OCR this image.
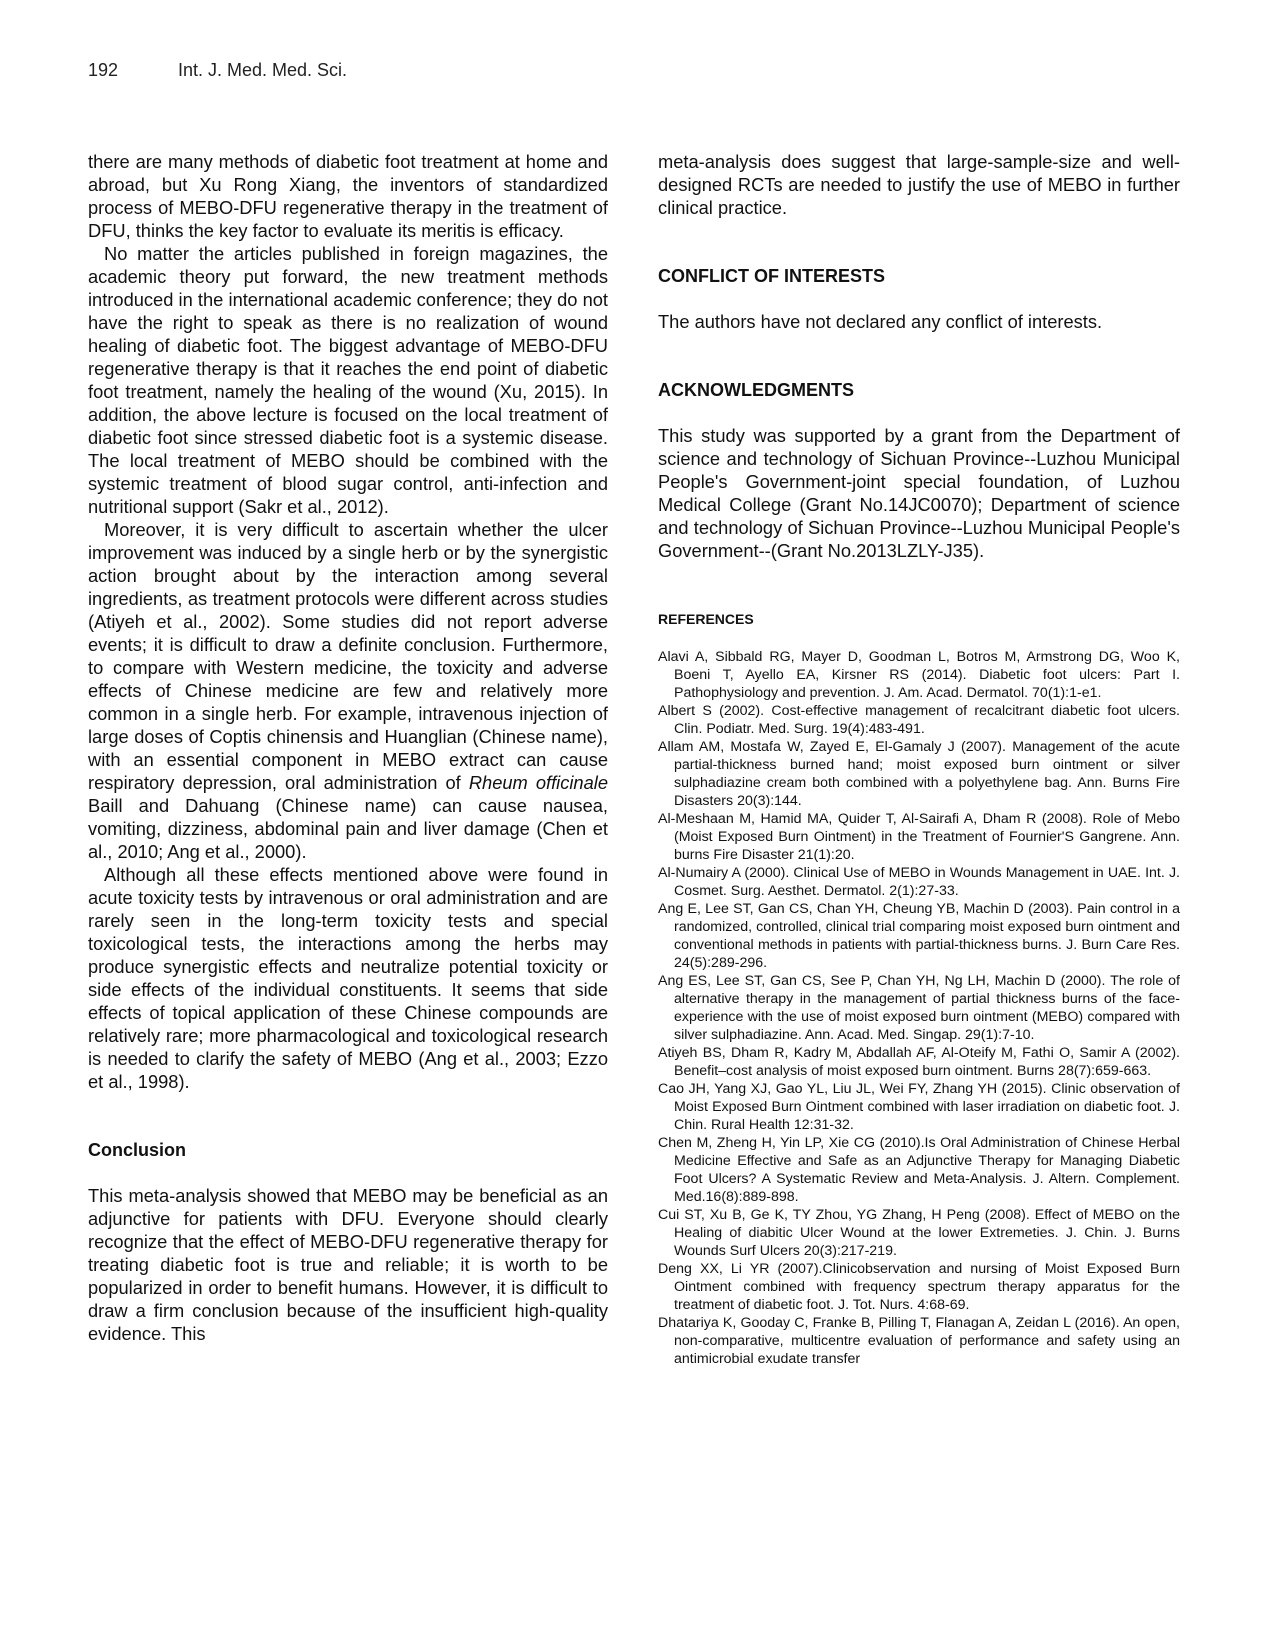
192	Int. J. Med. Med. Sci.

there are many methods of diabetic foot treatment at home and abroad, but Xu Rong Xiang, the inventors of standardized process of MEBO-DFU regenerative therapy in the treatment of DFU, thinks the key factor to evaluate its meritis is efficacy.

No matter the articles published in foreign magazines, the academic theory put forward, the new treatment methods introduced in the international academic conference; they do not have the right to speak as there is no realization of wound healing of diabetic foot. The biggest advantage of MEBO-DFU regenerative therapy is that it reaches the end point of diabetic foot treatment, namely the healing of the wound (Xu, 2015). In addition, the above lecture is focused on the local treatment of diabetic foot since stressed diabetic foot is a systemic disease. The local treatment of MEBO should be combined with the systemic treatment of blood sugar control, anti-infection and nutritional support (Sakr et al., 2012).

Moreover, it is very difficult to ascertain whether the ulcer improvement was induced by a single herb or by the synergistic action brought about by the interaction among several ingredients, as treatment protocols were different across studies (Atiyeh et al., 2002). Some studies did not report adverse events; it is difficult to draw a definite conclusion. Furthermore, to compare with Western medicine, the toxicity and adverse effects of Chinese medicine are few and relatively more common in a single herb. For example, intravenous injection of large doses of Coptis chinensis and Huanglian (Chinese name), with an essential component in MEBO extract can cause respiratory depression, oral administration of Rheum officinale Baill and Dahuang (Chinese name) can cause nausea, vomiting, dizziness, abdominal pain and liver damage (Chen et al., 2010; Ang et al., 2000).

Although all these effects mentioned above were found in acute toxicity tests by intravenous or oral administration and are rarely seen in the long-term toxicity tests and special toxicological tests, the interactions among the herbs may produce synergistic effects and neutralize potential toxicity or side effects of the individual constituents. It seems that side effects of topical application of these Chinese compounds are relatively rare; more pharmacological and toxicological research is needed to clarify the safety of MEBO (Ang et al., 2003; Ezzo et al., 1998).

Conclusion

This meta-analysis showed that MEBO may be beneficial as an adjunctive for patients with DFU. Everyone should clearly recognize that the effect of MEBO-DFU regenerative therapy for treating diabetic foot is true and reliable; it is worth to be popularized in order to benefit humans. However, it is difficult to draw a firm conclusion because of the insufficient high-quality evidence. This

meta-analysis does suggest that large-sample-size and well-designed RCTs are needed to justify the use of MEBO in further clinical practice.

CONFLICT OF INTERESTS

The authors have not declared any conflict of interests.

ACKNOWLEDGMENTS

This study was supported by a grant from the Department of science and technology of Sichuan Province--Luzhou Municipal People's Government-joint special foundation, of Luzhou Medical College (Grant No.14JC0070); Department of science and technology of Sichuan Province--Luzhou Municipal People's Government--(Grant No.2013LZLY-J35).

REFERENCES

Alavi A, Sibbald RG, Mayer D, Goodman L, Botros M, Armstrong DG, Woo K, Boeni T, Ayello EA, Kirsner RS (2014). Diabetic foot ulcers: Part I. Pathophysiology and prevention. J. Am. Acad. Dermatol. 70(1):1-e1.

Albert S (2002). Cost-effective management of recalcitrant diabetic foot ulcers. Clin. Podiatr. Med. Surg. 19(4):483-491.

Allam AM, Mostafa W, Zayed E, El-Gamaly J (2007). Management of the acute partial-thickness burned hand; moist exposed burn ointment or silver sulphadiazine cream both combined with a polyethylene bag. Ann. Burns Fire Disasters 20(3):144.

Al-Meshaan M, Hamid MA, Quider T, Al-Sairafi A, Dham R (2008). Role of Mebo (Moist Exposed Burn Ointment) in the Treatment of Fournier'S Gangrene. Ann. burns Fire Disaster 21(1):20.

Al-Numairy A (2000). Clinical Use of MEBO in Wounds Management in UAE. Int. J. Cosmet. Surg. Aesthet. Dermatol. 2(1):27-33.

Ang E, Lee ST, Gan CS, Chan YH, Cheung YB, Machin D (2003). Pain control in a randomized, controlled, clinical trial comparing moist exposed burn ointment and conventional methods in patients with partial-thickness burns. J. Burn Care Res. 24(5):289-296.

Ang ES, Lee ST, Gan CS, See P, Chan YH, Ng LH, Machin D (2000). The role of alternative therapy in the management of partial thickness burns of the face-experience with the use of moist exposed burn ointment (MEBO) compared with silver sulphadiazine. Ann. Acad. Med. Singap. 29(1):7-10.

Atiyeh BS, Dham R, Kadry M, Abdallah AF, Al-Oteify M, Fathi O, Samir A (2002). Benefit–cost analysis of moist exposed burn ointment. Burns 28(7):659-663.

Cao JH, Yang XJ, Gao YL, Liu JL, Wei FY, Zhang YH (2015). Clinic observation of Moist Exposed Burn Ointment combined with laser irradiation on diabetic foot. J. Chin. Rural Health 12:31-32.

Chen M, Zheng H, Yin LP, Xie CG (2010).Is Oral Administration of Chinese Herbal Medicine Effective and Safe as an Adjunctive Therapy for Managing Diabetic Foot Ulcers? A Systematic Review and Meta-Analysis. J. Altern. Complement. Med.16(8):889-898.

Cui ST, Xu B, Ge K, TY Zhou, YG Zhang, H Peng (2008). Effect of MEBO on the Healing of diabitic Ulcer Wound at the lower Extremeties. J. Chin. J. Burns Wounds Surf Ulcers 20(3):217-219.

Deng XX, Li YR (2007).Clinicobservation and nursing of Moist Exposed Burn Ointment combined with frequency spectrum therapy apparatus for the treatment of diabetic foot. J. Tot. Nurs. 4:68-69.

Dhatariya K, Gooday C, Franke B, Pilling T, Flanagan A, Zeidan L (2016). An open, non-comparative, multicentre evaluation of performance and safety using an antimicrobial exudate transfer
